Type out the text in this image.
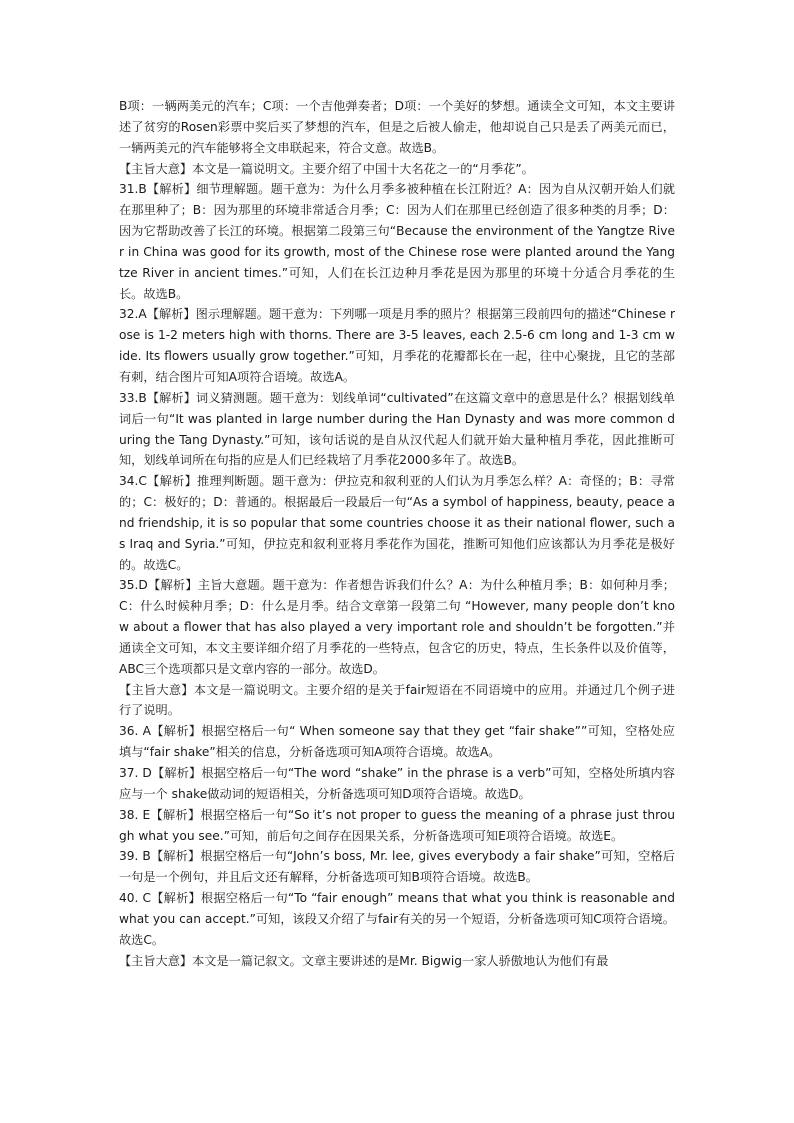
B项：一辆两美元的汽车；C项：一个吉他弹奏者；D项：一个美好的梦想。通读全文可知，本文主要讲述了贫穷的Rosen彩票中奖后买了梦想的汽车，但是之后被人偷走，他却说自己只是丢了两美元而已，一辆两美元的汽车能够将全文串联起来，符合文意。故选B。

【主旨大意】本文是一篇说明文。主要介绍了中国十大名花之一的“月季花”。

31.B【解析】细节理解题。题干意为：为什么月季多被种植在长江附近？A：因为自从汉朝开始人们就在那里种了；B：因为那里的环境非常适合月季；C：因为人们在那里已经创造了很多种类的月季；D：因为它帮助改善了长江的环境。根据第二段第三句“Because the environment of the Yangtze River in China was good for its growth, most of the Chinese rose were planted around the Yangtze River in ancient times.”可知，人们在长江边种月季花是因为那里的环境十分适合月季花的生长。故选B。

32.A【解析】图示理解题。题干意为：下列哪一项是月季的照片？根据第三段前四句的描述“Chinese rose is 1-2 meters high with thorns. There are 3-5 leaves, each 2.5-6 cm long and 1-3 cm wide. Its flowers usually grow together.”可知，月季花的花瓣都长在一起，往中心聚拢，且它的茎部有刺，结合图片可知A项符合语境。故选A。

33.B【解析】词义猜测题。题干意为：划线单词“cultivated”在这篇文章中的意思是什么？根据划线单词后一句“It was planted in large number during the Han Dynasty and was more common during the Tang Dynasty.”可知，该句话说的是自从汉代起人们就开始大量种植月季花，因此推断可知，划线单词所在句指的应是人们已经栽培了月季花2000多年了。故选B。

34.C【解析】推理判断题。题干意为：伊拉克和叙利亚的人们认为月季怎么样？A：奇怪的；B：寻常的；C：极好的；D：普通的。根据最后一段最后一句“As a symbol of happiness, beauty, peace and friendship, it is so popular that some countries choose it as their national flower, such as Iraq and Syria.”可知，伊拉克和叙利亚将月季花作为国花，推断可知他们应该都认为月季花是极好的。故选C。

35.D【解析】主旨大意题。题干意为：作者想告诉我们什么？A：为什么种植月季；B：如何种月季；C：什么时候种月季；D：什么是月季。结合文章第一段第二句 “However, many people don’t know about a flower that has also played a very important role and shouldn’t be forgotten.”并通读全文可知，本文主要详细介绍了月季花的一些特点，包含它的历史，特点，生长条件以及价值等，ABC三个选项都只是文章内容的一部分。故选D。

【主旨大意】本文是一篇说明文。主要介绍的是关于fair短语在不同语境中的应用。并通过几个例子进行了说明。

36. A【解析】根据空格后一句“ When someone say that they get “fair shake””可知，空格处应填与“fair shake”相关的信息，分析备选项可知A项符合语境。故选A。

37. D【解析】根据空格后一句“The word “shake” in the phrase is a verb”可知，空格处所填内容应与一个 shake做动词的短语相关，分析备选项可知D项符合语境。故选D。

38. E【解析】根据空格后一句“So it’s not proper to guess the meaning of a phrase just through what you see.”可知，前后句之间存在因果关系，分析备选项可知E项符合语境。故选E。

39. B【解析】根据空格后一句“John’s boss, Mr. lee, gives everybody a fair shake”可知，空格后一句是一个例句，并且后文还有解释，分析备选项可知B项符合语境。故选B。

40. C【解析】根据空格后一句“To “fair enough” means that what you think is reasonable and what you can accept.”可知，该段又介绍了与fair有关的另一个短语，分析备选项可知C项符合语境。故选C。

【主旨大意】本文是一篇记叙文。文章主要讲述的是Mr. Bigwig一家人骄傲地认为他们有最
